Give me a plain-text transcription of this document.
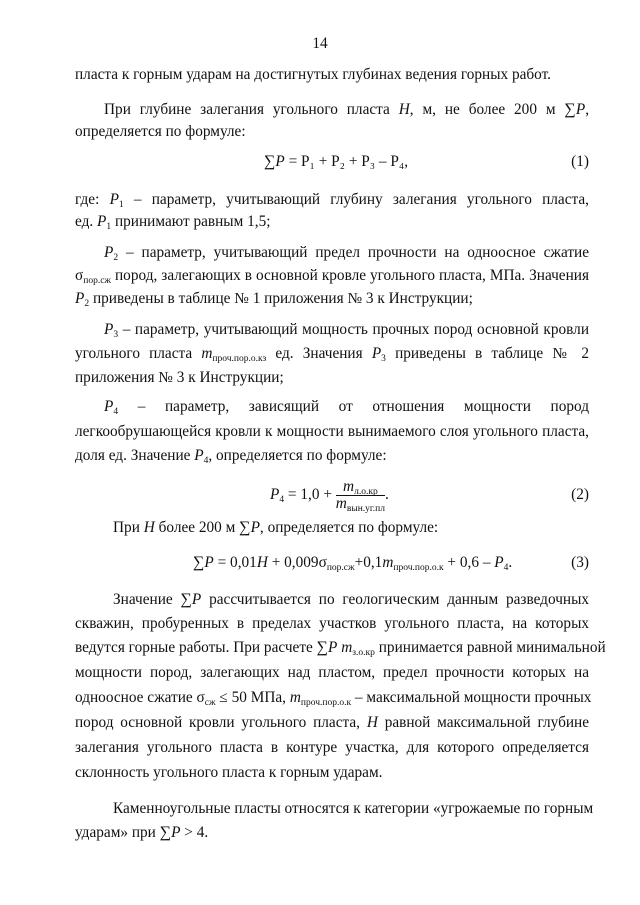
14
пласта к горным ударам на достигнутых глубинах ведения горных работ.
При глубине залегания угольного пласта H, м, не более 200 м ∑P,
определяется по формуле:
∑P = P₁ + P₂ + P₃ – P₄,	(1)
где: $P_1$ – параметр, учитывающий глубину залегания угольного пласта,
ед. $P_1$ принимают равным 1,5;
$P_2$ – параметр, учитывающий предел прочности на одноосное сжатие
$\sigma_{пор.сж}$ пород, залегающих в основной кровле угольного пласта, МПа. Значения
$P_2$ приведены в таблице № 1 приложения № 3 к Инструкции;
$P_3$ – параметр, учитывающий мощность прочных пород основной кровли
угольного пласта $m_{проч.пор.о.кз}$ ед. Значения $P_3$ приведены в таблице № 2
приложения № 3 к Инструкции;
$P_4$ – параметр, зависящий от отношения мощности пород
легкообрушающейся кровли к мощности вынимаемого слоя угольного пласта,
доля ед. Значение $P_4$, определяется по формуле:
$P_4 = 1,0 + \frac{m_{л.о.кр}}{m_{вын.уг.пл}}$ .	(2)
При H более 200 м ∑P, определяется по формуле:
$\sum P = 0,01H + 0,009\sigma_{пор.сж}+0,1m_{проч.пор.о.к} + 0,6 - P_4$.	(3)
Значение ∑P рассчитывается по геологическим данным разведочных
скважин, пробуренных в пределах участков угольного пласта, на которых
ведутся горные работы. При расчете ∑P $m_{з.о.кр}$ принимается равной минимальной
мощности пород, залегающих над пластом, предел прочности которых на
одноосное сжатие $\sigma_{сж} \le 50$ МПа, $m_{проч.пор.о.к}$ – максимальной мощности прочных
пород основной кровли угольного пласта, H равной максимальной глубине
залегания угольного пласта в контуре участка, для которого определяется
склонность угольного пласта к горным ударам.
Каменноугольные пласты относятся к категории «угрожаемые по горным
ударам» при ∑P > 4.
